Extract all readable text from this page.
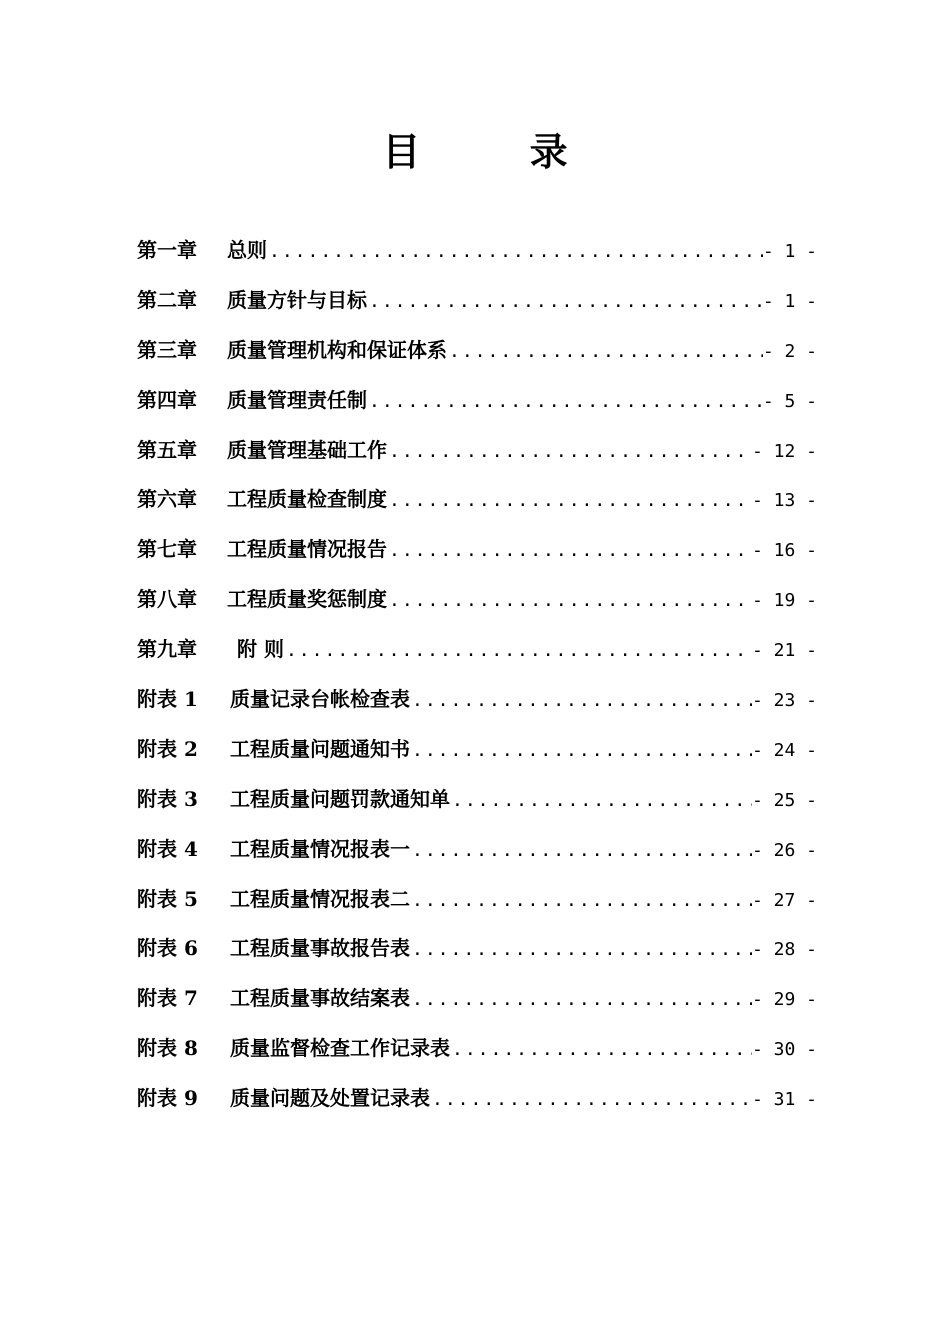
目 录
第一章	总则 .....	- 1 -
第二章	质量方针与目标 .....	- 1 -
第三章	质量管理机构和保证体系 .....	- 2 -
第四章	质量管理责任制 .....	- 5 -
第五章	质量管理基础工作 .....	- 12 -
第六章	工程质量检查制度 .....	- 13 -
第七章	工程质量情况报告 .....	- 16 -
第八章	工程质量奖惩制度 .....	- 19 -
第九章	附 则 .....	- 21 -
附表 1	质量记录台帐检查表 .....	- 23 -
附表 2	工程质量问题通知书 .....	- 24 -
附表 3	工程质量问题罚款通知单 .....	- 25 -
附表 4	工程质量情况报表一 .....	- 26 -
附表 5	工程质量情况报表二 .....	- 27 -
附表 6	工程质量事故报告表 .....	- 28 -
附表 7	工程质量事故结案表 .....	- 29 -
附表 8	质量监督检查工作记录表 .....	- 30 -
附表 9	质量问题及处置记录表 .....	- 31 -
